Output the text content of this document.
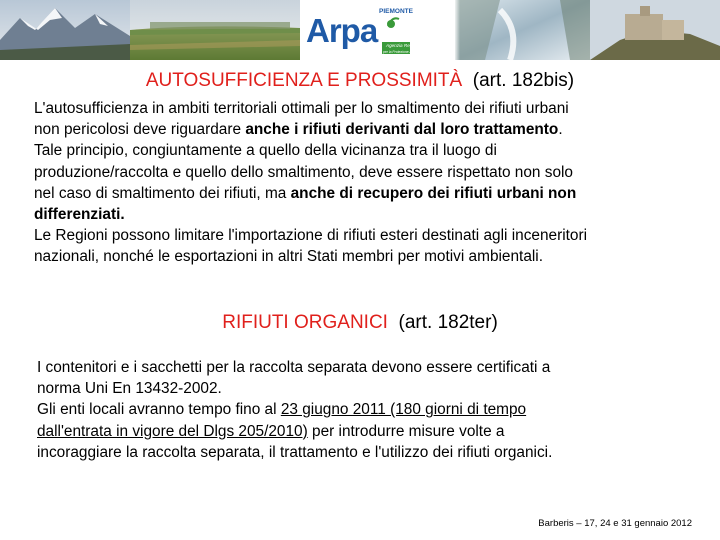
PIEMONTE
Arpa	Agenzia Regionale
per la Protezione Ambientale
AUTOSUFFICIENZA E PROSSIMITÀ (art. 182bis)
L'autosufficienza in ambiti territoriali ottimali per lo smaltimento dei rifiuti urbani
non pericolosi deve riguardare anche i rifiuti derivanti dal loro trattamento.
Tale principio, congiuntamente a quello della vicinanza tra il luogo di
produzione/raccolta e quello dello smaltimento, deve essere rispettato non solo
nel caso di smaltimento dei rifiuti, ma anche di recupero dei rifiuti urbani non
differenziati.
Le Regioni possono limitare l'importazione di rifiuti esteri destinati agli inceneritori
nazionali, nonché le esportazioni in altri Stati membri per motivi ambientali.
RIFIUTI ORGANICI (art. 182ter)
I contenitori e i sacchetti per la raccolta separata devono essere certificati a
norma Uni En 13432-2002.
Gli enti locali avranno tempo fino al 23 giugno 2011 (180 giorni di tempo
dall'entrata in vigore del Dlgs 205/2010) per introdurre misure volte a
incoraggiare la raccolta separata, il trattamento e l'utilizzo dei rifiuti organici.
Barberis – 17, 24 e 31 gennaio 2012
